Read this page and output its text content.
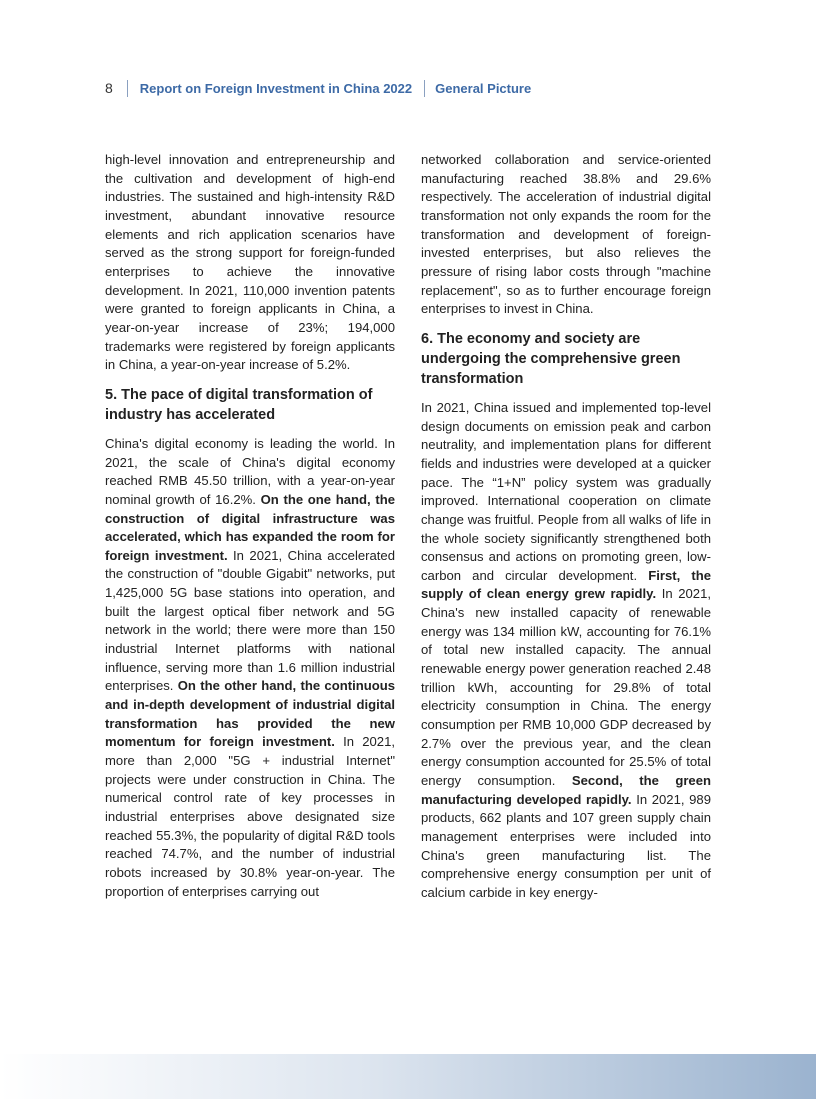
8 Report on Foreign Investment in China 2022 General Picture

high-level innovation and entrepreneurship and the cultivation and development of high-end industries. The sustained and high-intensity R&D investment, abundant innovative resource elements and rich application scenarios have served as the strong support for foreign-funded enterprises to achieve the innovative development. In 2021, 110,000 invention patents were granted to foreign applicants in China, a year-on-year increase of 23%; 194,000 trademarks were registered by foreign applicants in China, a year-on-year increase of 5.2%.

5. The pace of digital transformation of industry has accelerated

China's digital economy is leading the world. In 2021, the scale of China's digital economy reached RMB 45.50 trillion, with a year-on-year nominal growth of 16.2%. On the one hand, the construction of digital infrastructure was accelerated, which has expanded the room for foreign investment. In 2021, China accelerated the construction of "double Gigabit" networks, put 1,425,000 5G base stations into operation, and built the largest optical fiber network and 5G network in the world; there were more than 150 industrial Internet platforms with national influence, serving more than 1.6 million industrial enterprises. On the other hand, the continuous and in-depth development of industrial digital transformation has provided the new momentum for foreign investment. In 2021, more than 2,000 "5G + industrial Internet" projects were under construction in China. The numerical control rate of key processes in industrial enterprises above designated size reached 55.3%, the popularity of digital R&D tools reached 74.7%, and the number of industrial robots increased by 30.8% year-on-year. The proportion of enterprises carrying out

networked collaboration and service-oriented manufacturing reached 38.8% and 29.6% respectively. The acceleration of industrial digital transformation not only expands the room for the transformation and development of foreign-invested enterprises, but also relieves the pressure of rising labor costs through "machine replacement", so as to further encourage foreign enterprises to invest in China.

6. The economy and society are undergoing the comprehensive green transformation

In 2021, China issued and implemented top-level design documents on emission peak and carbon neutrality, and implementation plans for different fields and industries were developed at a quicker pace. The “1+N” policy system was gradually improved. International cooperation on climate change was fruitful. People from all walks of life in the whole society significantly strengthened both consensus and actions on promoting green, low-carbon and circular development. First, the supply of clean energy grew rapidly. In 2021, China's new installed capacity of renewable energy was 134 million kW, accounting for 76.1% of total new installed capacity. The annual renewable energy power generation reached 2.48 trillion kWh, accounting for 29.8% of total electricity consumption in China. The energy consumption per RMB 10,000 GDP decreased by 2.7% over the previous year, and the clean energy consumption accounted for 25.5% of total energy consumption. Second, the green manufacturing developed rapidly. In 2021, 989 products, 662 plants and 107 green supply chain management enterprises were included into China's green manufacturing list. The comprehensive energy consumption per unit of calcium carbide in key energy-
